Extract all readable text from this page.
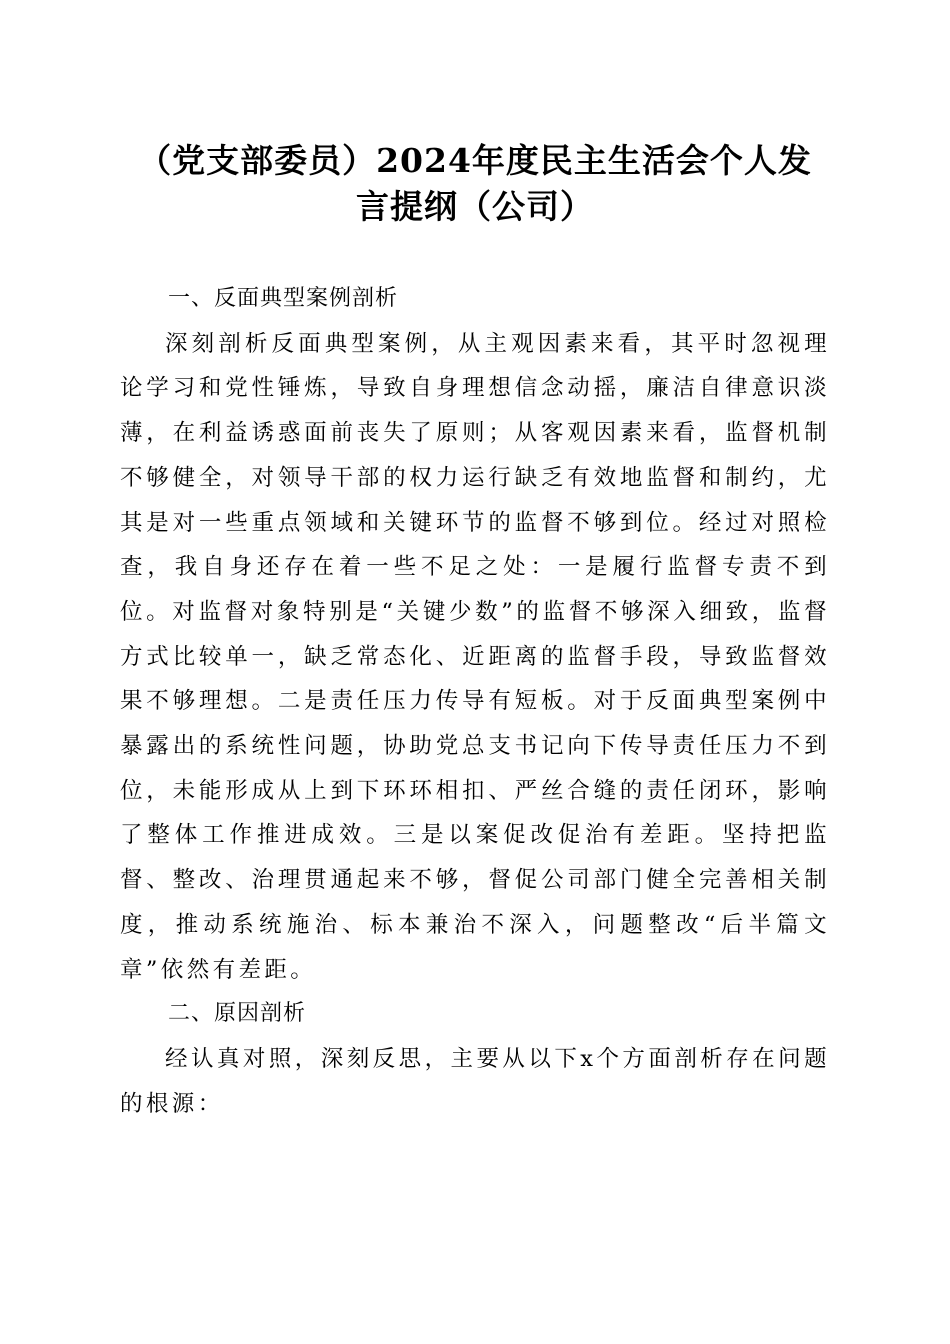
（党支部委员）2024年度民主生活会个人发
言提纲（公司）

一、反面典型案例剖析

深刻剖析反面典型案例，从主观因素来看，其平时忽视理论学习和党性锤炼，导致自身理想信念动摇，廉洁自律意识淡薄，在利益诱惑面前丧失了原则；从客观因素来看，监督机制不够健全，对领导干部的权力运行缺乏有效地监督和制约，尤其是对一些重点领域和关键环节的监督不够到位。经过对照检查，我自身还存在着一些不足之处：一是履行监督专责不到位。对监督对象特别是“关键少数”的监督不够深入细致，监督方式比较单一，缺乏常态化、近距离的监督手段，导致监督效果不够理想。二是责任压力传导有短板。对于反面典型案例中暴露出的系统性问题，协助党总支书记向下传导责任压力不到位，未能形成从上到下环环相扣、严丝合缝的责任闭环，影响了整体工作推进成效。三是以案促改促治有差距。坚持把监督、整改、治理贯通起来不够，督促公司部门健全完善相关制度，推动系统施治、标本兼治不深入，问题整改“后半篇文章”依然有差距。

二、原因剖析

经认真对照，深刻反思，主要从以下x个方面剖析存在问题的根源：
